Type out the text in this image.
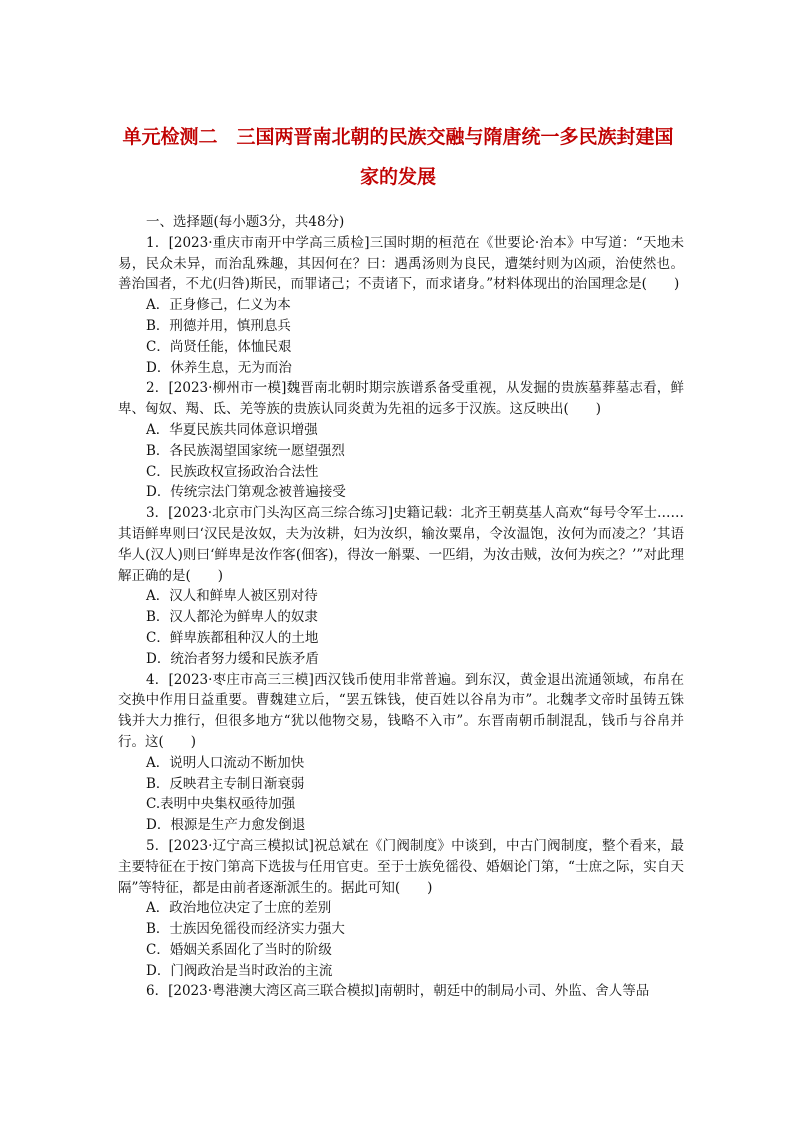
单元检测二　三国两晋南北朝的民族交融与隋唐统一多民族封建国
家的发展

一、选择题(每小题3分，共48分)

1．[2023·重庆市南开中学高三质检]三国时期的桓范在《世要论·治本》中写道：“天地未易，民众未异，而治乱殊趣，其因何在？曰：遇禹汤则为良民，遭桀纣则为凶顽，治使然也。善治国者，不尤(归咎)斯民，而罪诸己；不责诸下，而求诸身。”材料体现出的治国理念是(　　)

A．正身修己，仁义为本

B．刑德并用，慎刑息兵

C．尚贤任能，体恤民艰

D．休养生息，无为而治

2．[2023·柳州市一模]魏晋南北朝时期宗族谱系备受重视，从发掘的贵族墓葬墓志看，鲜卑、匈奴、羯、氐、羌等族的贵族认同炎黄为先祖的远多于汉族。这反映出(　　)

A．华夏民族共同体意识增强

B．各民族渴望国家统一愿望强烈

C．民族政权宣扬政治合法性

D．传统宗法门第观念被普遍接受

3．[2023·北京市门头沟区高三综合练习]史籍记载：北齐王朝莫基人高欢“每号令军士……其语鲜卑则曰‘汉民是汝奴，夫为汝耕，妇为汝织，输汝粟帛，令汝温饱，汝何为而凌之？’其语华人(汉人)则曰‘鲜卑是汝作客(佃客)，得汝一斛粟、一匹绢，为汝击贼，汝何为疾之？’”对此理解正确的是(　　)

A．汉人和鲜卑人被区别对待

B．汉人都沦为鲜卑人的奴隶

C．鲜卑族都租种汉人的土地

D．统治者努力缓和民族矛盾

4．[2023·枣庄市高三三模]西汉钱币使用非常普遍。到东汉，黄金退出流通领域，布帛在交换中作用日益重要。曹魏建立后，“罢五铢钱，使百姓以谷帛为市”。北魏孝文帝时虽铸五铢钱并大力推行，但很多地方“犹以他物交易，钱略不入市”。东晋南朝币制混乱，钱币与谷帛并行。这(　　)

A．说明人口流动不断加快

B．反映君主专制日渐衰弱

C.表明中央集权亟待加强

D．根源是生产力愈发倒退

5．[2023·辽宁高三模拟试]祝总斌在《门阀制度》中谈到，中古门阀制度，整个看来，最主要特征在于按门第高下选拔与任用官吏。至于士族免徭役、婚姻论门第，“士庶之际，实自天隔”等特征，都是由前者逐渐派生的。据此可知(　　)

A．政治地位决定了士庶的差别

B．士族因免徭役而经济实力强大

C．婚姻关系固化了当时的阶级

D．门阀政治是当时政治的主流

6．[2023·粤港澳大湾区高三联合模拟]南朝时，朝廷中的制局小司、外监、舍人等品
